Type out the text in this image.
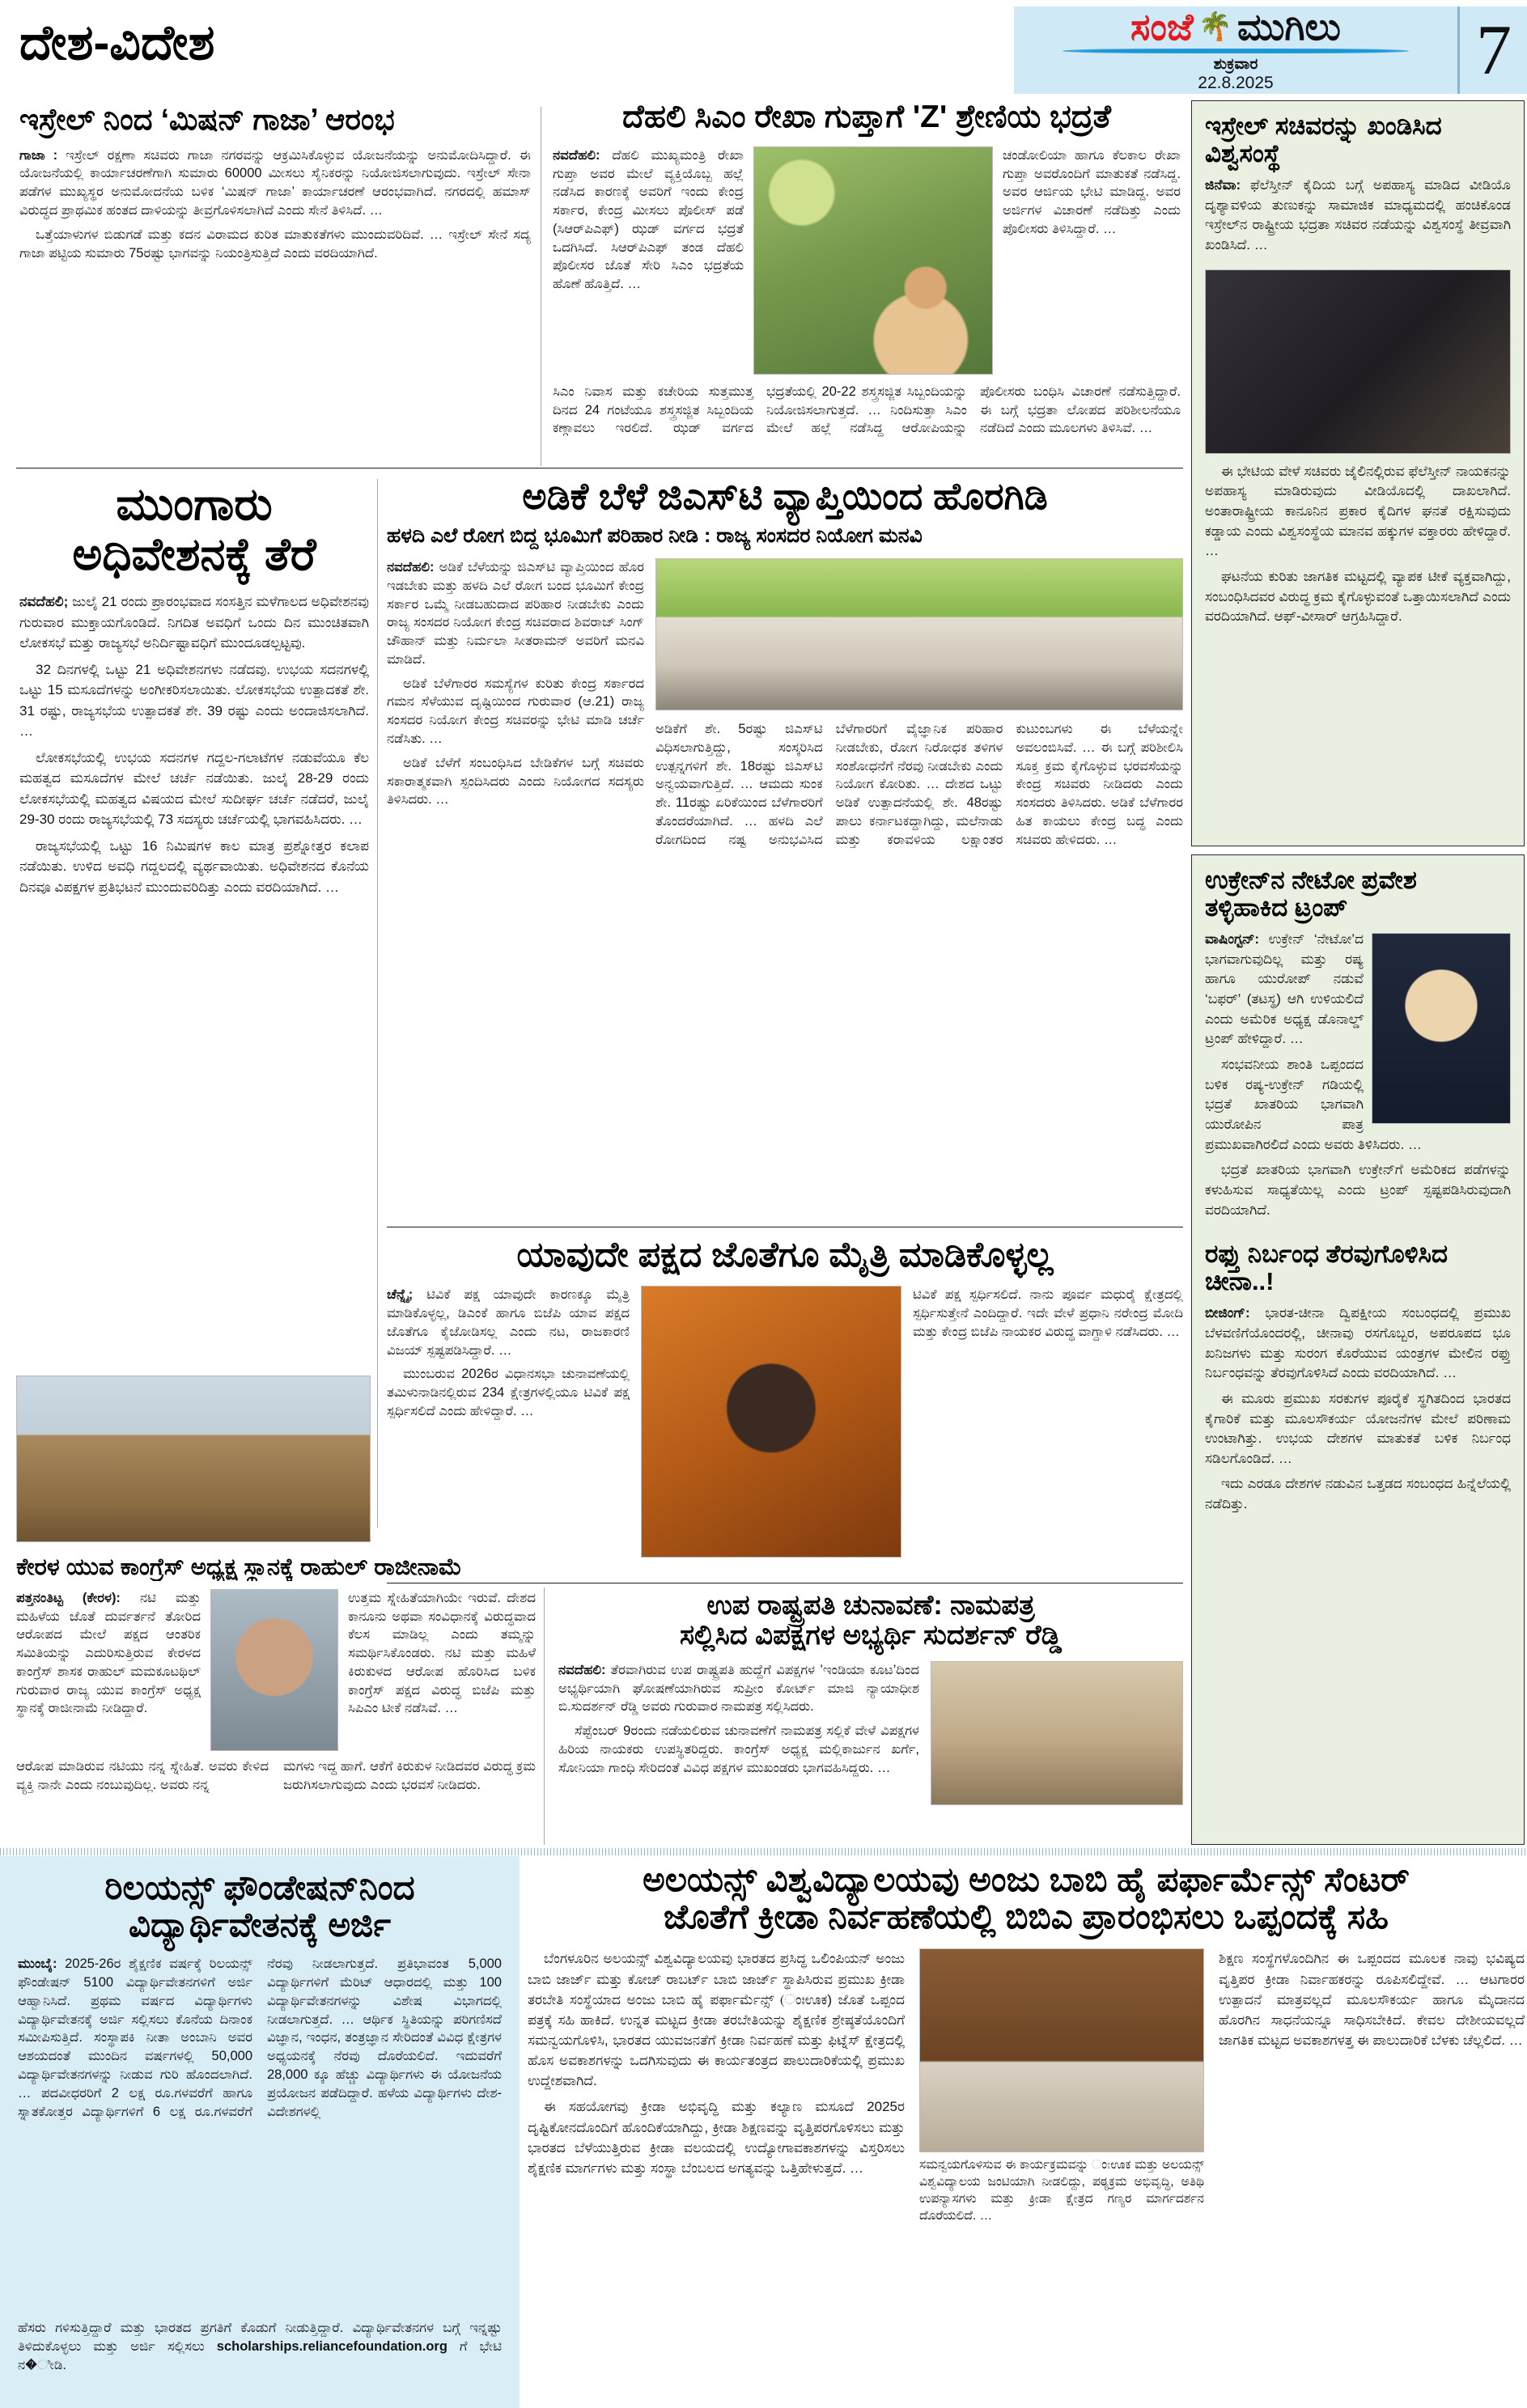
ದೇಶ-ವಿದೇಶ	ಸಂಜೆ 🌴 ಮುಗಿಲು
ಶುಕ್ರವಾರ
22.8.2025	7
ಇಸ್ರೇಲ್ ನಿಂದ ‘ಮಿಷನ್ ಗಾಜಾ’ ಆರಂಭ

ಗಾಜಾ : ಇಸ್ರೇಲ್ ರಕ್ಷಣಾ ಸಚಿವರು ಗಾಜಾ ನಗರವನ್ನು ಆಕ್ರಮಿಸಿಕೊಳ್ಳುವ ಯೋಜನೆಯನ್ನು ಅನುಮೋದಿಸಿದ್ದಾರೆ. ಈ ಯೋಜನೆಯಲ್ಲಿ ಕಾರ್ಯಾಚರಣೆಗಾಗಿ ಸುಮಾರು 60000 ಮೀಸಲು ಸೈನಿಕರನ್ನು ನಿಯೋಜಿಸಲಾಗುವುದು. ಇಸ್ರೇಲ್ ಸೇನಾ ಪಡೆಗಳ ಮುಖ್ಯಸ್ಥರ ಅನುಮೋದನೆಯ ಬಳಿಕ ‘ಮಿಷನ್ ಗಾಜಾ’ ಕಾರ್ಯಾಚರಣೆ ಆರಂಭವಾಗಿದೆ. ನಗರದಲ್ಲಿ ಹಮಾಸ್ ವಿರುದ್ಧದ ಪ್ರಾಥಮಿಕ ಹಂತದ ದಾಳಿಯನ್ನು ತೀವ್ರಗೊಳಿಸಲಾಗಿದೆ ಎಂದು ಸೇನೆ ತಿಳಿಸಿದೆ. …

ಒತ್ತೆಯಾಳುಗಳ ಬಿಡುಗಡೆ ಮತ್ತು ಕದನ ವಿರಾಮದ ಕುರಿತ ಮಾತುಕತೆಗಳು ಮುಂದುವರಿದಿವೆ. … ಇಸ್ರೇಲ್ ಸೇನೆ ಸದ್ಯ ಗಾಜಾ ಪಟ್ಟಿಯ ಸುಮಾರು 75ರಷ್ಟು ಭಾಗವನ್ನು ನಿಯಂತ್ರಿಸುತ್ತಿದೆ ಎಂದು ವರದಿಯಾಗಿದೆ.

ದೆಹಲಿ ಸಿಎಂ ರೇಖಾ ಗುಪ್ತಾಗೆ 'Z' ಶ್ರೇಣಿಯ ಭದ್ರತೆ

ನವದೆಹಲಿ: ದೆಹಲಿ ಮುಖ್ಯಮಂತ್ರಿ ರೇಖಾ ಗುಪ್ತಾ ಅವರ ಮೇಲೆ ವ್ಯಕ್ತಿಯೊಬ್ಬ ಹಲ್ಲೆ ನಡೆಸಿದ ಕಾರಣಕ್ಕೆ ಅವರಿಗೆ ಇಂದು ಕೇಂದ್ರ ಸರ್ಕಾರ, ಕೇಂದ್ರ ಮೀಸಲು ಪೊಲೀಸ್ ಪಡೆ (ಸಿಆರ್‌ಪಿಎಫ್) ಝಡ್ ವರ್ಗದ ಭದ್ರತೆ ಒದಗಿಸಿದೆ. ಸಿಆರ್‌ಪಿಎಫ್ ತಂಡ ದೆಹಲಿ ಪೊಲೀಸರ ಜೊತೆ ಸೇರಿ ಸಿಎಂ ಭದ್ರತೆಯ ಹೊಣೆ ಹೊತ್ತಿದೆ. …

ಚಂಡೋಲಿಯಾ ಹಾಗೂ ಕೆಲಕಾಲ ರೇಖಾ ಗುಪ್ತಾ ಅವರೊಂದಿಗೆ ಮಾತುಕತೆ ನಡೆಸಿದ್ದ. ಅವರ ಆರ್ಜಿಯ ಭೇಟಿ ಮಾಡಿದ್ದ. ಅವರ ಅರ್ಜಿಗಳ ವಿಚಾರಣೆ ನಡೆದಿತ್ತು ಎಂದು ಪೊಲೀಸರು ತಿಳಿಸಿದ್ದಾರೆ. …

ಸಿಎಂ ನಿವಾಸ ಮತ್ತು ಕಚೇರಿಯ ಸುತ್ತಮುತ್ತ ದಿನದ 24 ಗಂಟೆಯೂ ಶಸ್ತ್ರಸಜ್ಜಿತ ಸಿಬ್ಬಂದಿಯ ಕಣ್ಗಾವಲು ಇರಲಿದೆ. ಝಡ್ ವರ್ಗದ ಭದ್ರತೆಯಲ್ಲಿ 20-22 ಶಸ್ತ್ರಸಜ್ಜಿತ ಸಿಬ್ಬಂದಿಯನ್ನು ನಿಯೋಜಿಸಲಾಗುತ್ತದೆ. … ನಿಂದಿಸುತ್ತಾ ಸಿಎಂ ಮೇಲೆ ಹಲ್ಲೆ ನಡೆಸಿದ್ದ ಆರೋಪಿಯನ್ನು ಪೊಲೀಸರು ಬಂಧಿಸಿ ವಿಚಾರಣೆ ನಡೆಸುತ್ತಿದ್ದಾರೆ. ಈ ಬಗ್ಗೆ ಭದ್ರತಾ ಲೋಪದ ಪರಿಶೀಲನೆಯೂ ನಡೆದಿದೆ ಎಂದು ಮೂಲಗಳು ತಿಳಿಸಿವೆ. …
ಇಸ್ರೇಲ್ ಸಚಿವರನ್ನು ಖಂಡಿಸಿದ ವಿಶ್ವಸಂಸ್ಥೆ

ಜಿನೆವಾ: ಫೆಲೆಸ್ತೀನ್ ಕೈದಿಯ ಬಗ್ಗೆ ಅಪಹಾಸ್ಯ ಮಾಡಿದ ವೀಡಿಯೊ ದೃಶ್ಯಾವಳಿಯ ತುಣುಕನ್ನು ಸಾಮಾಜಿಕ ಮಾಧ್ಯಮದಲ್ಲಿ ಹಂಚಿಕೊಂಡ ಇಸ್ರೇಲ್‌ನ ರಾಷ್ಟ್ರೀಯ ಭದ್ರತಾ ಸಚಿವರ ನಡೆಯನ್ನು ವಿಶ್ವಸಂಸ್ಥೆ ತೀವ್ರವಾಗಿ ಖಂಡಿಸಿದೆ. …

ಈ ಭೇಟಿಯ ವೇಳೆ ಸಚಿವರು ಜೈಲಿನಲ್ಲಿರುವ ಫೆಲೆಸ್ತೀನ್ ನಾಯಕನನ್ನು ಅಪಹಾಸ್ಯ ಮಾಡಿರುವುದು ವೀಡಿಯೊದಲ್ಲಿ ದಾಖಲಾಗಿದೆ. ಅಂತಾರಾಷ್ಟ್ರೀಯ ಕಾನೂನಿನ ಪ್ರಕಾರ ಕೈದಿಗಳ ಘನತೆ ರಕ್ಷಿಸುವುದು ಕಡ್ಡಾಯ ಎಂದು ವಿಶ್ವಸಂಸ್ಥೆಯ ಮಾನವ ಹಕ್ಕುಗಳ ವಕ್ತಾರರು ಹೇಳಿದ್ದಾರೆ. …

ಘಟನೆಯ ಕುರಿತು ಜಾಗತಿಕ ಮಟ್ಟದಲ್ಲಿ ವ್ಯಾಪಕ ಟೀಕೆ ವ್ಯಕ್ತವಾಗಿದ್ದು, ಸಂಬಂಧಿಸಿದವರ ವಿರುದ್ಧ ಕ್ರಮ ಕೈಗೊಳ್ಳುವಂತೆ ಒತ್ತಾಯಿಸಲಾಗಿದೆ ಎಂದು ವರದಿಯಾಗಿದೆ. ಆಫ್-ವೀಸಾರ್ ಆಗ್ರಹಿಸಿದ್ದಾರೆ.

ಮುಂಗಾರು
ಅಧಿವೇಶನಕ್ಕೆ ತೆರೆ

ನವದೆಹಲಿ; ಜುಲೈ 21 ರಂದು ಪ್ರಾರಂಭವಾದ ಸಂಸತ್ತಿನ ಮಳೆಗಾಲದ ಅಧಿವೇಶನವು ಗುರುವಾರ ಮುಕ್ತಾಯಗೊಂಡಿದೆ. ನಿಗದಿತ ಅವಧಿಗೆ ಒಂದು ದಿನ ಮುಂಚಿತವಾಗಿ ಲೋಕಸಭೆ ಮತ್ತು ರಾಜ್ಯಸಭೆ ಅನಿರ್ದಿಷ್ಟಾವಧಿಗೆ ಮುಂದೂಡಲ್ಪಟ್ಟವು.

32 ದಿನಗಳಲ್ಲಿ ಒಟ್ಟು 21 ಅಧಿವೇಶನಗಳು ನಡೆದವು. ಉಭಯ ಸದನಗಳಲ್ಲಿ ಒಟ್ಟು 15 ಮಸೂದೆಗಳನ್ನು ಅಂಗೀಕರಿಸಲಾಯಿತು. ಲೋಕಸಭೆಯ ಉತ್ಪಾದಕತೆ ಶೇ. 31 ರಷ್ಟು, ರಾಜ್ಯಸಭೆಯ ಉತ್ಪಾದಕತೆ ಶೇ. 39 ರಷ್ಟು ಎಂದು ಅಂದಾಜಿಸಲಾಗಿದೆ. …

ಲೋಕಸಭೆಯಲ್ಲಿ ಉಭಯ ಸದನಗಳ ಗದ್ದಲ-ಗಲಾಟೆಗಳ ನಡುವೆಯೂ ಕೆಲ ಮಹತ್ವದ ಮಸೂದೆಗಳ ಮೇಲೆ ಚರ್ಚೆ ನಡೆಯಿತು. ಜುಲೈ 28-29 ರಂದು ಲೋಕಸಭೆಯಲ್ಲಿ ಮಹತ್ವದ ವಿಷಯದ ಮೇಲೆ ಸುದೀರ್ಘ ಚರ್ಚೆ ನಡೆದರೆ, ಜುಲೈ 29-30 ರಂದು ರಾಜ್ಯಸಭೆಯಲ್ಲಿ 73 ಸದಸ್ಯರು ಚರ್ಚೆಯಲ್ಲಿ ಭಾಗವಹಿಸಿದರು. …

ರಾಜ್ಯಸಭೆಯಲ್ಲಿ ಒಟ್ಟು 16 ನಿಮಿಷಗಳ ಕಾಲ ಮಾತ್ರ ಪ್ರಶ್ನೋತ್ತರ ಕಲಾಪ ನಡೆಯಿತು. ಉಳಿದ ಅವಧಿ ಗದ್ದಲದಲ್ಲಿ ವ್ಯರ್ಥವಾಯಿತು. ಅಧಿವೇಶನದ ಕೊನೆಯ ದಿನವೂ ವಿಪಕ್ಷಗಳ ಪ್ರತಿಭಟನೆ ಮುಂದುವರಿದಿತ್ತು ಎಂದು ವರದಿಯಾಗಿದೆ. …

ಅಡಿಕೆ ಬೆಳೆ ಜಿಎಸ್‌ಟಿ ವ್ಯಾಪ್ತಿಯಿಂದ ಹೊರಗಿಡಿ
ಹಳದಿ ಎಲೆ ರೋಗ ಬಿದ್ದ ಭೂಮಿಗೆ ಪರಿಹಾರ ನೀಡಿ : ರಾಜ್ಯ ಸಂಸದರ ನಿಯೋಗ ಮನವಿ

ನವದೆಹಲಿ: ಅಡಿಕೆ ಬೆಳೆಯನ್ನು ಜಿಎಸ್‌ಟಿ ವ್ಯಾಪ್ತಿಯಿಂದ ಹೊರ ಇಡಬೇಕು ಮತ್ತು ಹಳದಿ ಎಲೆ ರೋಗ ಬಂದ ಭೂಮಿಗೆ ಕೇಂದ್ರ ಸರ್ಕಾರ ಒಮ್ಮೆ ನೀಡಬಹುದಾದ ಪರಿಹಾರ ನೀಡಬೇಕು ಎಂದು ರಾಜ್ಯ ಸಂಸದರ ನಿಯೋಗ ಕೇಂದ್ರ ಸಚಿವರಾದ ಶಿವರಾಜ್ ಸಿಂಗ್ ಚೌಹಾನ್ ಮತ್ತು ನಿರ್ಮಲಾ ಸೀತರಾಮನ್ ಅವರಿಗೆ ಮನವಿ ಮಾಡಿದೆ.

ಅಡಿಕೆ ಬೆಳೆಗಾರರ ಸಮಸ್ಯೆಗಳ ಕುರಿತು ಕೇಂದ್ರ ಸರ್ಕಾರದ ಗಮನ ಸೆಳೆಯುವ ದೃಷ್ಟಿಯಿಂದ ಗುರುವಾರ (ಆ.21) ರಾಜ್ಯ ಸಂಸದರ ನಿಯೋಗ ಕೇಂದ್ರ ಸಚಿವರನ್ನು ಭೇಟಿ ಮಾಡಿ ಚರ್ಚೆ ನಡೆಸಿತು. …

ಅಡಿಕೆ ಬೆಳೆಗೆ ಸಂಬಂಧಿಸಿದ ಬೇಡಿಕೆಗಳ ಬಗ್ಗೆ ಸಚಿವರು ಸಕಾರಾತ್ಮಕವಾಗಿ ಸ್ಪಂದಿಸಿದರು ಎಂದು ನಿಯೋಗದ ಸದಸ್ಯರು ತಿಳಿಸಿದರು. …

ಅಡಿಕೆಗೆ ಶೇ. 5ರಷ್ಟು ಜಿಎಸ್‌ಟಿ ವಿಧಿಸಲಾಗುತ್ತಿದ್ದು, ಸಂಸ್ಕರಿಸಿದ ಉತ್ಪನ್ನಗಳಿಗೆ ಶೇ. 18ರಷ್ಟು ಜಿಎಸ್‌ಟಿ ಅನ್ವಯವಾಗುತ್ತಿದೆ. … ಆಮದು ಸುಂಕ ಶೇ. 11ರಷ್ಟು ಏರಿಕೆಯಿಂದ ಬೆಳೆಗಾರರಿಗೆ ತೊಂದರೆಯಾಗಿದೆ. … ಹಳದಿ ಎಲೆ ರೋಗದಿಂದ ನಷ್ಟ ಅನುಭವಿಸಿದ ಬೆಳೆಗಾರರಿಗೆ ವೈಜ್ಞಾನಿಕ ಪರಿಹಾರ ನೀಡಬೇಕು, ರೋಗ ನಿರೋಧಕ ತಳಿಗಳ ಸಂಶೋಧನೆಗೆ ನೆರವು ನೀಡಬೇಕು ಎಂದು ನಿಯೋಗ ಕೋರಿತು. … ದೇಶದ ಒಟ್ಟು ಅಡಿಕೆ ಉತ್ಪಾದನೆಯಲ್ಲಿ ಶೇ. 48ರಷ್ಟು ಪಾಲು ಕರ್ನಾಟಕದ್ದಾಗಿದ್ದು, ಮಲೆನಾಡು ಮತ್ತು ಕರಾವಳಿಯ ಲಕ್ಷಾಂತರ ಕುಟುಂಬಗಳು ಈ ಬೆಳೆಯನ್ನೇ ಅವಲಂಬಿಸಿವೆ. … ಈ ಬಗ್ಗೆ ಪರಿಶೀಲಿಸಿ ಸೂಕ್ತ ಕ್ರಮ ಕೈಗೊಳ್ಳುವ ಭರವಸೆಯನ್ನು ಕೇಂದ್ರ ಸಚಿವರು ನೀಡಿದರು ಎಂದು ಸಂಸದರು ತಿಳಿಸಿದರು. ಅಡಿಕೆ ಬೆಳೆಗಾರರ ಹಿತ ಕಾಯಲು ಕೇಂದ್ರ ಬದ್ಧ ಎಂದು ಸಚಿವರು ಹೇಳಿದರು. …
ಯಾವುದೇ ಪಕ್ಷದ ಜೊತೆಗೂ ಮೈತ್ರಿ ಮಾಡಿಕೊಳ್ಳಲ್ಲ

ಚೆನ್ನೈ; ಟಿವಿಕೆ ಪಕ್ಷ ಯಾವುದೇ ಕಾರಣಕ್ಕೂ ಮೈತ್ರಿ ಮಾಡಿಕೊಳ್ಳಲ್ಲ, ಡಿಎಂಕೆ ಹಾಗೂ ಬಿಜೆಪಿ ಯಾವ ಪಕ್ಷದ ಜೊತೆಗೂ ಕೈಜೋಡಿಸಲ್ಲ ಎಂದು ನಟ, ರಾಜಕಾರಣಿ ವಿಜಯ್ ಸ್ಪಷ್ಟಪಡಿಸಿದ್ದಾರೆ. …

ಮುಂಬರುವ 2026ರ ವಿಧಾನಸಭಾ ಚುನಾವಣೆಯಲ್ಲಿ ತಮಿಳುನಾಡಿನಲ್ಲಿರುವ 234 ಕ್ಷೇತ್ರಗಳಲ್ಲಿಯೂ ಟಿವಿಕೆ ಪಕ್ಷ ಸ್ಪರ್ಧಿಸಲಿದೆ ಎಂದು ಹೇಳಿದ್ದಾರೆ. …

ಟಿವಿಕೆ ಪಕ್ಷ ಸ್ಪರ್ಧಿಸಲಿದೆ. ನಾನು ಪೂರ್ವ ಮಧುರೈ ಕ್ಷೇತ್ರದಲ್ಲಿ ಸ್ಪರ್ಧಿಸುತ್ತೇನೆ ಎಂದಿದ್ದಾರೆ. ಇದೇ ವೇಳೆ ಪ್ರಧಾನಿ ನರೇಂದ್ರ ಮೋದಿ ಮತ್ತು ಕೇಂದ್ರ ಬಿಜೆಪಿ ನಾಯಕರ ವಿರುದ್ಧ ವಾಗ್ದಾಳಿ ನಡೆಸಿದರು. …

ಕೇರಳ ಯುವ ಕಾಂಗ್ರೆಸ್ ಅಧ್ಯಕ್ಷ ಸ್ಥಾನಕ್ಕೆ ರಾಹುಲ್ ರಾಜೀನಾಮೆ

ಪತ್ತನಂತಿಟ್ಟ (ಕೇರಳ): ನಟಿ ಮತ್ತು ಮಹಿಳೆಯ ಜೊತೆ ದುರ್ವರ್ತನೆ ತೋರಿದ ಆರೋಪದ ಮೇಲೆ ಪಕ್ಷದ ಆಂತರಿಕ ಸಮಿತಿಯನ್ನು ಎದುರಿಸುತ್ತಿರುವ ಕೇರಳದ ಕಾಂಗ್ರೆಸ್ ಶಾಸಕ ರಾಹುಲ್ ಮಮಕೂಟಥಿಲ್ ಗುರುವಾರ ರಾಜ್ಯ ಯುವ ಕಾಂಗ್ರೆಸ್ ಅಧ್ಯಕ್ಷ ಸ್ಥಾನಕ್ಕೆ ರಾಜೀನಾಮೆ ನೀಡಿದ್ದಾರೆ.

ಉತ್ತಮ ಸ್ನೇಹಿತೆಯಾಗಿಯೇ ಇರುವೆ. ದೇಶದ ಕಾನೂನು ಅಥವಾ ಸಂವಿಧಾನಕ್ಕೆ ವಿರುದ್ಧವಾದ ಕೆಲಸ ಮಾಡಿಲ್ಲ ಎಂದು ತಮ್ಮನ್ನು ಸಮರ್ಥಿಸಿಕೊಂಡರು. ನಟಿ ಮತ್ತು ಮಹಿಳೆ ಕಿರುಕುಳದ ಆರೋಪ ಹೊರಿಸಿದ ಬಳಿಕ ಕಾಂಗ್ರೆಸ್ ಪಕ್ಷದ ವಿರುದ್ಧ ಬಿಜೆಪಿ ಮತ್ತು ಸಿಪಿಎಂ ಟೀಕೆ ನಡೆಸಿವೆ. …

ಆರೋಪ ಮಾಡಿರುವ ನಟಿಯು ನನ್ನ ಸ್ನೇಹಿತೆ. ಅವರು ಕೇಳಿದ ವ್ಯಕ್ತಿ ನಾನೇ ಎಂದು ನಂಬುವುದಿಲ್ಲ. ಅವರು ನನ್ನ

ಮಗಳು ಇದ್ದ ಹಾಗೆ. ಆಕೆಗೆ ಕಿರುಕುಳ ನೀಡಿದವರ ವಿರುದ್ಧ ಕ್ರಮ ಜರುಗಿಸಲಾಗುವುದು ಎಂದು ಭರವಸೆ ನೀಡಿದರು.

ಉಪ ರಾಷ್ಟ್ರಪತಿ ಚುನಾವಣೆ: ನಾಮಪತ್ರ
ಸಲ್ಲಿಸಿದ ವಿಪಕ್ಷಗಳ ಅಭ್ಯರ್ಥಿ ಸುದರ್ಶನ್ ರೆಡ್ಡಿ

ನವದೆಹಲಿ: ತೆರವಾಗಿರುವ ಉಪ ರಾಷ್ಟ್ರಪತಿ ಹುದ್ದೆಗೆ ವಿಪಕ್ಷಗಳ ’ಇಂಡಿಯಾ ಕೂಟ’ದಿಂದ ಅಭ್ಯರ್ಥಿಯಾಗಿ ಘೋಷಣೆಯಾಗಿರುವ ಸುಪ್ರೀಂ ಕೋರ್ಟ್ ಮಾಜಿ ನ್ಯಾಯಾಧೀಶ ಬಿ.ಸುದರ್ಶನ್ ರೆಡ್ಡಿ ಅವರು ಗುರುವಾರ ನಾಮಪತ್ರ ಸಲ್ಲಿಸಿದರು.

ಸೆಪ್ಟೆಂಬರ್ 9ರಂದು ನಡೆಯಲಿರುವ ಚುನಾವಣೆಗೆ ನಾಮಪತ್ರ ಸಲ್ಲಿಕೆ ವೇಳೆ ವಿಪಕ್ಷಗಳ ಹಿರಿಯ ನಾಯಕರು ಉಪಸ್ಥಿತರಿದ್ದರು. ಕಾಂಗ್ರೆಸ್ ಅಧ್ಯಕ್ಷ ಮಲ್ಲಿಕಾರ್ಜುನ ಖರ್ಗೆ, ಸೋನಿಯಾ ಗಾಂಧಿ ಸೇರಿದಂತೆ ವಿವಿಧ ಪಕ್ಷಗಳ ಮುಖಂಡರು ಭಾಗವಹಿಸಿದ್ದರು. …

ಉಕ್ರೇನ್‌ನ ನೇಟೋ ಪ್ರವೇಶ
ತಳ್ಳಿಹಾಕಿದ ಟ್ರಂಪ್

ವಾಷಿಂಗ್ಟನ್: ಉಕ್ರೇನ್ ‘ನೇಟೋ’ದ ಭಾಗವಾಗುವುದಿಲ್ಲ ಮತ್ತು ರಷ್ಯ ಹಾಗೂ ಯುರೋಪ್ ನಡುವೆ ‘ಬಫರ್’ (ತಟಸ್ಥ) ಆಗಿ ಉಳಿಯಲಿದೆ ಎಂದು ಅಮೆರಿಕ ಅಧ್ಯಕ್ಷ ಡೊನಾಲ್ಡ್ ಟ್ರಂಪ್ ಹೇಳಿದ್ದಾರೆ. …

ಸಂಭವನೀಯ ಶಾಂತಿ ಒಪ್ಪಂದದ ಬಳಿಕ ರಷ್ಯ-ಉಕ್ರೇನ್ ಗಡಿಯಲ್ಲಿ ಭದ್ರತೆ ಖಾತರಿಯ ಭಾಗವಾಗಿ ಯುರೋಪಿನ ಪಾತ್ರ ಪ್ರಮುಖವಾಗಿರಲಿದೆ ಎಂದು ಅವರು ತಿಳಿಸಿದರು. …

ಭದ್ರತೆ ಖಾತರಿಯ ಭಾಗವಾಗಿ ಉಕ್ರೇನ್‌ಗೆ ಅಮೆರಿಕದ ಪಡೆಗಳನ್ನು ಕಳುಹಿಸುವ ಸಾಧ್ಯತೆಯಿಲ್ಲ ಎಂದು ಟ್ರಂಪ್ ಸ್ಪಷ್ಟಪಡಿಸಿರುವುದಾಗಿ ವರದಿಯಾಗಿದೆ.

ರಫ್ತು ನಿರ್ಬಂಧ ತೆರವುಗೊಳಿಸಿದ
ಚೀನಾ..!

ಬೀಜಿಂಗ್: ಭಾರತ-ಚೀನಾ ದ್ವಿಪಕ್ಷೀಯ ಸಂಬಂಧದಲ್ಲಿ ಪ್ರಮುಖ ಬೆಳವಣಿಗೆಯೊಂದರಲ್ಲಿ, ಚೀನಾವು ರಸಗೊಬ್ಬರ, ಅಪರೂಪದ ಭೂ ಖನಿಜಗಳು ಮತ್ತು ಸುರಂಗ ಕೊರೆಯುವ ಯಂತ್ರಗಳ ಮೇಲಿನ ರಫ್ತು ನಿರ್ಬಂಧವನ್ನು ತೆರವುಗೊಳಿಸಿದೆ ಎಂದು ವರದಿಯಾಗಿದೆ. …

ಈ ಮೂರು ಪ್ರಮುಖ ಸರಕುಗಳ ಪೂರೈಕೆ ಸ್ಥಗಿತದಿಂದ ಭಾರತದ ಕೈಗಾರಿಕೆ ಮತ್ತು ಮೂಲಸೌಕರ್ಯ ಯೋಜನೆಗಳ ಮೇಲೆ ಪರಿಣಾಮ ಉಂಟಾಗಿತ್ತು. ಉಭಯ ದೇಶಗಳ ಮಾತುಕತೆ ಬಳಿಕ ನಿರ್ಬಂಧ ಸಡಿಲಗೊಂಡಿದೆ. …

ಇದು ಎರಡೂ ದೇಶಗಳ ನಡುವಿನ ಒತ್ತಡದ ಸಂಬಂಧದ ಹಿನ್ನೆಲೆಯಲ್ಲಿ ನಡೆದಿತ್ತು.

ರಿಲಯನ್ಸ್ ಫೌಂಡೇಷನ್‌ನಿಂದ
ವಿದ್ಯಾರ್ಥಿವೇತನಕ್ಕೆ ಅರ್ಜಿ

ಮುಂಬೈ: 2025-26ರ ಶೈಕ್ಷಣಿಕ ವರ್ಷಕ್ಕೆ ರಿಲಯನ್ಸ್ ಫೌಂಡೇಷನ್ 5100 ವಿದ್ಯಾರ್ಥಿವೇತನಗಳಿಗೆ ಅರ್ಜಿ ಆಹ್ವಾನಿಸಿದೆ. ಪ್ರಥಮ ವರ್ಷದ ವಿದ್ಯಾರ್ಥಿಗಳು ವಿದ್ಯಾರ್ಥಿವೇತನಕ್ಕೆ ಅರ್ಜಿ ಸಲ್ಲಿಸಲು ಕೊನೆಯ ದಿನಾಂಕ ಸಮೀಪಿಸುತ್ತಿದೆ. ಸಂಸ್ಥಾಪಕಿ ನೀತಾ ಅಂಬಾನಿ ಅವರ ಆಶಯದಂತೆ ಮುಂದಿನ ವರ್ಷಗಳಲ್ಲಿ 50,000 ವಿದ್ಯಾರ್ಥಿವೇತನಗಳನ್ನು ನೀಡುವ ಗುರಿ ಹೊಂದಲಾಗಿದೆ. … ಪದವೀಧರರಿಗೆ 2 ಲಕ್ಷ ರೂ.ಗಳವರೆಗೆ ಹಾಗೂ ಸ್ನಾತಕೋತ್ತರ ವಿದ್ಯಾರ್ಥಿಗಳಿಗೆ 6 ಲಕ್ಷ ರೂ.ಗಳವರೆಗೆ ನೆರವು ನೀಡಲಾಗುತ್ತದೆ. ಪ್ರತಿಭಾವಂತ 5,000 ವಿದ್ಯಾರ್ಥಿಗಳಿಗೆ ಮೆರಿಟ್ ಆಧಾರದಲ್ಲಿ ಮತ್ತು 100 ವಿದ್ಯಾರ್ಥಿವೇತನಗಳನ್ನು ವಿಶೇಷ ವಿಭಾಗದಲ್ಲಿ ನೀಡಲಾಗುತ್ತದೆ. … ಆರ್ಥಿಕ ಸ್ಥಿತಿಯನ್ನು ಪರಿಗಣಿಸದೆ ವಿಜ್ಞಾನ, ಇಂಧನ, ತಂತ್ರಜ್ಞಾನ ಸೇರಿದಂತೆ ವಿವಿಧ ಕ್ಷೇತ್ರಗಳ ಅಧ್ಯಯನಕ್ಕೆ ನೆರವು ದೊರೆಯಲಿದೆ. ಇದುವರೆಗೆ 28,000 ಕ್ಕೂ ಹೆಚ್ಚು ವಿದ್ಯಾರ್ಥಿಗಳು ಈ ಯೋಜನೆಯ ಪ್ರಯೋಜನ ಪಡೆದಿದ್ದಾರೆ. ಹಳೆಯ ವಿದ್ಯಾರ್ಥಿಗಳು ದೇಶ-ವಿದೇಶಗಳಲ್ಲಿ

ಹೆಸರು ಗಳಿಸುತ್ತಿದ್ದಾರೆ ಮತ್ತು ಭಾರತದ ಪ್ರಗತಿಗೆ ಕೊಡುಗೆ ನೀಡುತ್ತಿದ್ದಾರೆ. ವಿದ್ಯಾರ್ಥಿವೇತನಗಳ ಬಗ್ಗೆ ಇನ್ನಷ್ಟು ತಿಳಿದುಕೊಳ್ಳಲು ಮತ್ತು ಅರ್ಜಿ ಸಲ್ಲಿಸಲು scholarships.reliancefoundation.org ಗೆ ಭೇಟಿ ನ�ೀಡಿ.
ಅಲಯನ್ಸ್ ವಿಶ್ವವಿದ್ಯಾಲಯವು ಅಂಜು ಬಾಬಿ ಹೈ ಪರ್ಫಾರ್ಮೆನ್ಸ್ ಸೆಂಟರ್
ಜೊತೆಗೆ ಕ್ರೀಡಾ ನಿರ್ವಹಣೆಯಲ್ಲಿ ಬಿಬಿಎ ಪ್ರಾರಂಭಿಸಲು ಒಪ್ಪಂದಕ್ಕೆ ಸಹಿ

ಬೆಂಗಳೂರಿನ ಅಲಯನ್ಸ್ ವಿಶ್ವವಿದ್ಯಾಲಯವು ಭಾರತದ ಪ್ರಸಿದ್ಧ ಒಲಿಂಪಿಯನ್ ಅಂಜು ಬಾಬಿ ಜಾರ್ಜ್ ಮತ್ತು ಕೋಚ್ ರಾಬರ್ಟ್ ಬಾಬಿ ಜಾರ್ಜ್ ಸ್ಥಾಪಿಸಿರುವ ಪ್ರಮುಖ ಕ್ರೀಡಾ ತರಬೇತಿ ಸಂಸ್ಥೆಯಾದ ಅಂಜು ಬಾಬಿ ಹೈ ಪರ್ಫಾರ್ಮೆನ್ಸ್ (ಂಃಊಕ) ಜೊತೆ ಒಪ್ಪಂದ ಪತ್ರಕ್ಕೆ ಸಹಿ ಹಾಕಿದೆ. ಉನ್ನತ ಮಟ್ಟದ ಕ್ರೀಡಾ ತರಬೇತಿಯನ್ನು ಶೈಕ್ಷಣಿಕ ಶ್ರೇಷ್ಠತೆಯೊಂದಿಗೆ ಸಮನ್ವಯಗೊಳಿಸಿ, ಭಾರತದ ಯುವಜನತೆಗೆ ಕ್ರೀಡಾ ನಿರ್ವಹಣೆ ಮತ್ತು ಫಿಟ್ನೆಸ್ ಕ್ಷೇತ್ರದಲ್ಲಿ ಹೊಸ ಅವಕಾಶಗಳನ್ನು ಒದಗಿಸುವುದು ಈ ಕಾರ್ಯತಂತ್ರದ ಪಾಲುದಾರಿಕೆಯಲ್ಲಿ ಪ್ರಮುಖ ಉದ್ದೇಶವಾಗಿದೆ.

ಈ ಸಹಯೋಗವು ಕ್ರೀಡಾ ಅಭಿವೃದ್ಧಿ ಮತ್ತು ಕಲ್ಯಾಣ ಮಸೂದೆ 2025ರ ದೃಷ್ಟಿಕೋನದೊಂದಿಗೆ ಹೊಂದಿಕೆಯಾಗಿದ್ದು, ಕ್ರೀಡಾ ಶಿಕ್ಷಣವನ್ನು ವೃತ್ತಿಪರಗೊಳಿಸಲು ಮತ್ತು ಭಾರತದ ಬೆಳೆಯುತ್ತಿರುವ ಕ್ರೀಡಾ ವಲಯದಲ್ಲಿ ಉದ್ಯೋಗಾವಕಾಶಗಳನ್ನು ವಿಸ್ತರಿಸಲು ಶೈಕ್ಷಣಿಕ ಮಾರ್ಗಗಳು ಮತ್ತು ಸಂಸ್ಥಾ ಬೆಂಬಲದ ಅಗತ್ಯವನ್ನು ಒತ್ತಿಹೇಳುತ್ತದೆ. …	ಸಮನ್ವಯಗೊಳಿಸುವ ಈ ಕಾರ್ಯಕ್ರಮವನ್ನು ಂಃಊಕ ಮತ್ತು ಅಲಯನ್ಸ್ ವಿಶ್ವವಿದ್ಯಾಲಯ ಜಂಟಿಯಾಗಿ ನೀಡಲಿದ್ದು, ಪಠ್ಯಕ್ರಮ ಅಭಿವೃದ್ಧಿ, ಅತಿಥಿ ಉಪನ್ಯಾಸಗಳು ಮತ್ತು ಕ್ರೀಡಾ ಕ್ಷೇತ್ರದ ಗಣ್ಯರ ಮಾರ್ಗದರ್ಶನ ದೊರೆಯಲಿದೆ. …

ಶಿಕ್ಷಣ ಸಂಸ್ಥೆಗಳೊಂದಿಗಿನ ಈ ಒಪ್ಪಂದದ ಮೂಲಕ ನಾವು ಭವಿಷ್ಯದ ವೃತ್ತಿಪರ ಕ್ರೀಡಾ ನಿರ್ವಾಹಕರನ್ನು ರೂಪಿಸಲಿದ್ದೇವೆ. … ಆಟಗಾರರ ಉತ್ಪಾದನೆ ಮಾತ್ರವಲ್ಲದೆ ಮೂಲಸೌಕರ್ಯ ಹಾಗೂ ಮೈದಾನದ ಹೊರಗಿನ ಸಾಧನೆಯನ್ನೂ ಸಾಧಿಸಬೇಕಿದೆ. ಕೇವಲ ದೇಶೀಯವಲ್ಲದೆ ಜಾಗತಿಕ ಮಟ್ಟದ ಅವಕಾಶಗಳತ್ತ ಈ ಪಾಲುದಾರಿಕೆ ಬೆಳಕು ಚೆಲ್ಲಲಿದೆ. …
